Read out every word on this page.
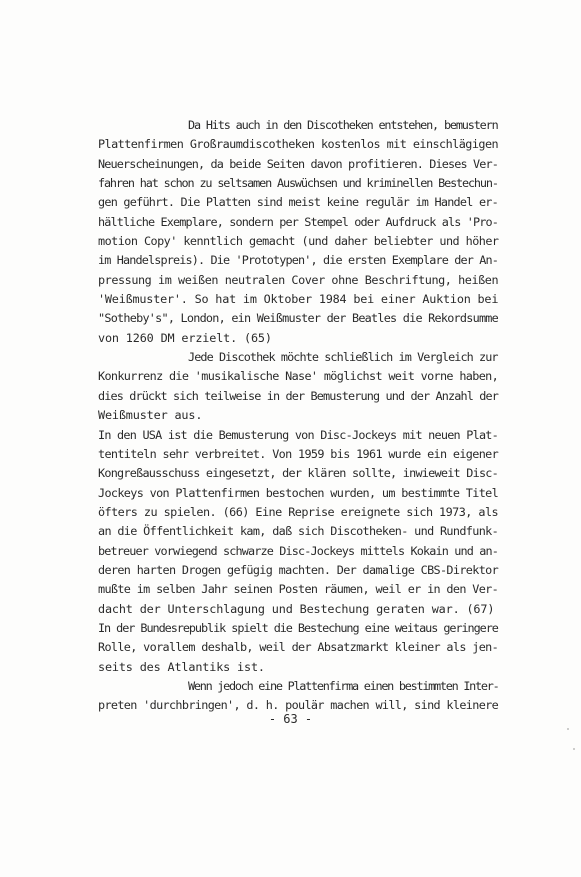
Da Hits auch in den Discotheken entstehen, bemustern
Plattenfirmen Großraumdiscotheken kostenlos mit einschlägigen
Neuerscheinungen, da beide Seiten davon profitieren. Dieses Ver-
fahren hat schon zu seltsamen Auswüchsen und kriminellen Bestechun-
gen geführt. Die Platten sind meist keine regulär im Handel er-
hältliche Exemplare, sondern per Stempel oder Aufdruck als 'Pro-
motion Copy' kenntlich gemacht (und daher beliebter und höher
im Handelspreis). Die 'Prototypen', die ersten Exemplare der An-
pressung im weißen neutralen Cover ohne Beschriftung, heißen
'Weißmuster'. So hat im Oktober 1984 bei einer Auktion bei
"Sotheby's", London, ein Weißmuster der Beatles die Rekordsumme
von 1260 DM erzielt. (65)
Jede Discothek möchte schließlich im Vergleich zur
Konkurrenz die 'musikalische Nase' möglichst weit vorne haben,
dies drückt sich teilweise in der Bemusterung und der Anzahl der
Weißmuster aus.
In den USA ist die Bemusterung von Disc-Jockeys mit neuen Plat-
tentiteln sehr verbreitet. Von 1959 bis 1961 wurde ein eigener
Kongreßausschuss eingesetzt, der klären sollte, inwieweit Disc-
Jockeys von Plattenfirmen bestochen wurden, um bestimmte Titel
öfters zu spielen. (66) Eine Reprise ereignete sich 1973, als
an die Öffentlichkeit kam, daß sich Discotheken- und Rundfunk-
betreuer vorwiegend schwarze Disc-Jockeys mittels Kokain und an-
deren harten Drogen gefügig machten. Der damalige CBS-Direktor
mußte im selben Jahr seinen Posten räumen, weil er in den Ver-
dacht der Unterschlagung und Bestechung geraten war. (67)
In der Bundesrepublik spielt die Bestechung eine weitaus geringere
Rolle, vorallem deshalb, weil der Absatzmarkt kleiner als jen-
seits des Atlantiks ist.
Wenn jedoch eine Plattenfirma einen bestimmten Inter-
preten 'durchbringen', d. h. poulär machen will, sind kleinere
- 63 -
